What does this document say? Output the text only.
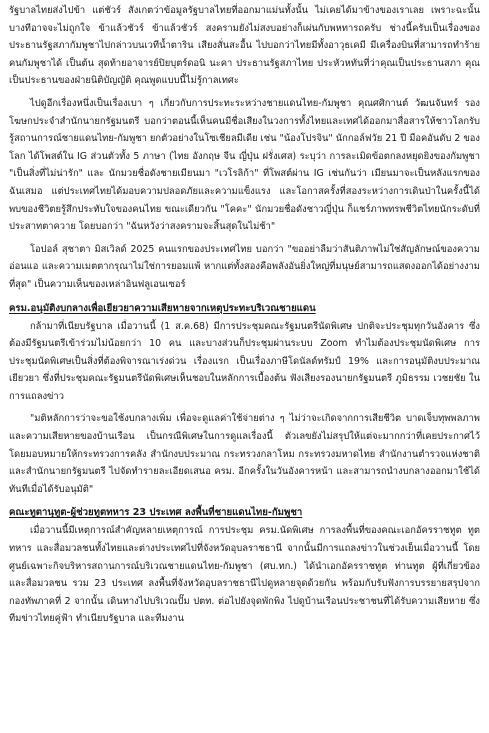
รัฐบาลไทยส่งไปข้า แต่ชัวร์ สังเกตว่าข้อมูลรัฐบาลไทยที่ออกมาแม่นทั้งนั้น ไม่เคยได้มาข้างของเราเลย เพราะฉะนั้นบางทีอาจจะไม่ถูกใจ ข้าแล้วชัวร์ ข้าแล้วชัวร์ สงครามยังไม่สงบอย่างก็เผ่นกับพหทารถครับ ช่างนี้ครับเป็นเรื่องของประธานรัฐสภากัมพูชาไปกล่าวบนเวทีน้ำตาริน เสียงสั่นสะอื้น ไปบอกว่าไทยมีทั้งอาวุธเคมี มีเครื่องบินที่สามารถทำร้ายคนกัมพูชาได้ เป็นต้น สุดท้ายอาจารย์ปิยบุตร์ดอนิ นะคา ประธานรัฐสภาไทย ประหัวหทันที่ว่าคุณเป็นประธานสภา คุณเป็นประธานของฝ่ายนิติบัญญัติ คุณพูดแบบนี้ไม่รู้กาลเทศะ

ไปดูอีกเรื่องหนึ่งเป็นเรื่องเบา ๆ เกี่ยวกับการประทะระหว่างชายแดนไทย-กัมพูชา คุณศศิกานต์ วัฒนจันทร์ รองโฆษกประจำสำนักนายกรัฐมนตรี บอกว่าตอนนี้เห็นคนมีชื่อเสียงในวงการทั้งไทยและเทศได้ออกมาสื่อสารให้ชาวโลกรับรู้สถานการณ์ชายแดนไทย-กัมพูชา ยกตัวอย่างในโซเชียลมีเดีย เช่น "น้องโปรจิน" นักกอล์ฟวัย 21 ปี มือคอันดับ 2 ของโลก ได้โพสต์ใน IG ส่วนตัวทั้ง 5 ภาษา (ไทย อังกฤษ จีน ญี่ปุ่น ฝรั่งเศส) ระบุว่า การละเมิดข้อตกลงหยุดยิงของกัมพูชา "เป็นสิ่งที่ไม่น่ารัก" และ นักมวยชื่อดังชายเมียนมา "เวโรลิก้า" ที่โพสต์ผ่าน IG เช่นกันว่า เมียนมาจะเป็นหลังแรกของฉันเสมอ แต่ประเทศไทยได้มอบความปลอดภัยและความแข็งแรง และโอกาสครั้งที่สองระหว่างการเดินป่าในครั้งนี้ได้พบของชีวิตยรู้สึกประทับใจของคนไทย ขณะเดียวกัน "โคคะ" นักมวยชื่อดังชาวญี่ปุ่น ก็แชร์ภาพทรพชีวิตไทยนักระดับที่ประสาทตาควาย โดยบอกว่า "ฉันหวังว่าสงครามจะสิ้นสุดในไม่ช้า"

โอปอล์ สุชาตา มิสเวิลด์ 2025 คนแรกของประเทศไทย บอกว่า "ขออย่าลืมว่าสันติภาพไม่ใช่สัญลักษณ์ของความอ่อนแอ และความเมตตากรุณาไม่ใช่การยอมแพ้ หากแต่ทั้งสองคือพลังอันยิ่งใหญ่ที่มนุษย์สามารถแสดงออกได้อย่างงามที่สุด" เป็นความเห็นของเหล่าอินฟลูเอนเซอร์

ครม.อนุมัติงบกลางเพื่อเยียวยาความเสียหายจากเหตุประทะบริเวณชายแดน

กล้ามาที่เนียบรัฐบาล เมื่อวานนี้ (1 ส.ค.68) มีการประชุมคณะรัฐมนตรีนัดพิเศษ ปกติจะประชุมทุกวันอังคาร ซึ่งต้องมีรัฐมนตรีเข้าร่วมไม่น้อยกว่า 10 คน และบางส่วนก็ประชุมผ่านระบบ Zoom ทำไมต้องประชุมนัดพิเศษ การประชุมนัดพิเศษเป็นสิ่งที่ต้องพิจารณาเร่งด่วน เรื่องแรก เป็นเรื่องภาษีโดนัลด์ทรัมป์ 19% และการอนุมัติงบประมาณเยียวยา ซึ่งที่ประชุมคณะรัฐมนตรีนัดพิเศษเห็นชอบในหลักการเบื้องต้น ฟังเสียงรองนายกรัฐมนตรี ภูมิธรรม เวชยชัย ในการแถลงข่าว

"มติหลักการว่าจะขอใช้งบกลางเพิ่ม เพื่อจะดูแลค่าใช้จ่ายต่าง ๆ ไม่ว่าจะเกิดจากการเสียชีวิต บาดเจ็บทุพพลภาพ และความเสียหายของบ้านเรือน เป็นกรณีพิเศษในการดูแลเรื่องนี้ ตัวเลขยังไม่สรุปให้แต่จะมากกว่าที่เคยประกาศไว้ โดยมอบหมายให้กระทรวงการคลัง สำนักงบประมาณ กระทรวงกลาโหม กระทรวงมหาดไทย สำนักงานตำรวจแห่งชาติ และสำนักนายกรัฐมนตรี ไปจัดทำรายละเอียดเสนอ ครม. อีกครั้งในวันอังคารหน้า และสามารถนำงบกลางออกมาใช้ได้ทันทีเมื่อได้รับอนุมัติ"

คณะทูตานุทูต-ผู้ช่วยทูตทหาร 23 ประเทศ ลงพื้นที่ชายแดนไทย-กัมพูชา

เมื่อวานนี้มีเหตุการณ์สำคัญหลายเหตุการณ์ การประชุม ครม.นัดพิเศษ การลงพื้นที่ของคณะเอกอัครราชทูต ทูตทหาร และสื่อมวลชนทั้งไทยและต่างประเทศไปที่จังหวัดอุบลราชธานี จากนั้นมีการแถลงข่าวในช่วงเย็นเมื่อวานนี้ โดยศูนย์เฉพาะกิจบริหารสถานการณ์บริเวณชายแดนไทย-กัมพูชา (ศบ.ทก.) ได้นำเอกอัครราชทูต ท่านทูต ผู้ที่เกี่ยวข้อง และสื่อมวลชน รวม 23 ประเทศ ลงพื้นที่จังหวัดอุบลราชธานีไปดูหลายจุดด้วยกัน พร้อมกับรับฟังการบรรยายสรุปจากกองทัพภาคที่ 2 จากนั้น เดินทางไปบริเวณปั๊ม ปตท. ต่อไปยังจุดพักพิง ไปดูบ้านเรือนประชาชนที่ได้รับความเสียหาย ซึ่งทีมข่าวไทยคู่ฟ้า ทำเนียบรัฐบาล และทีมงาน
